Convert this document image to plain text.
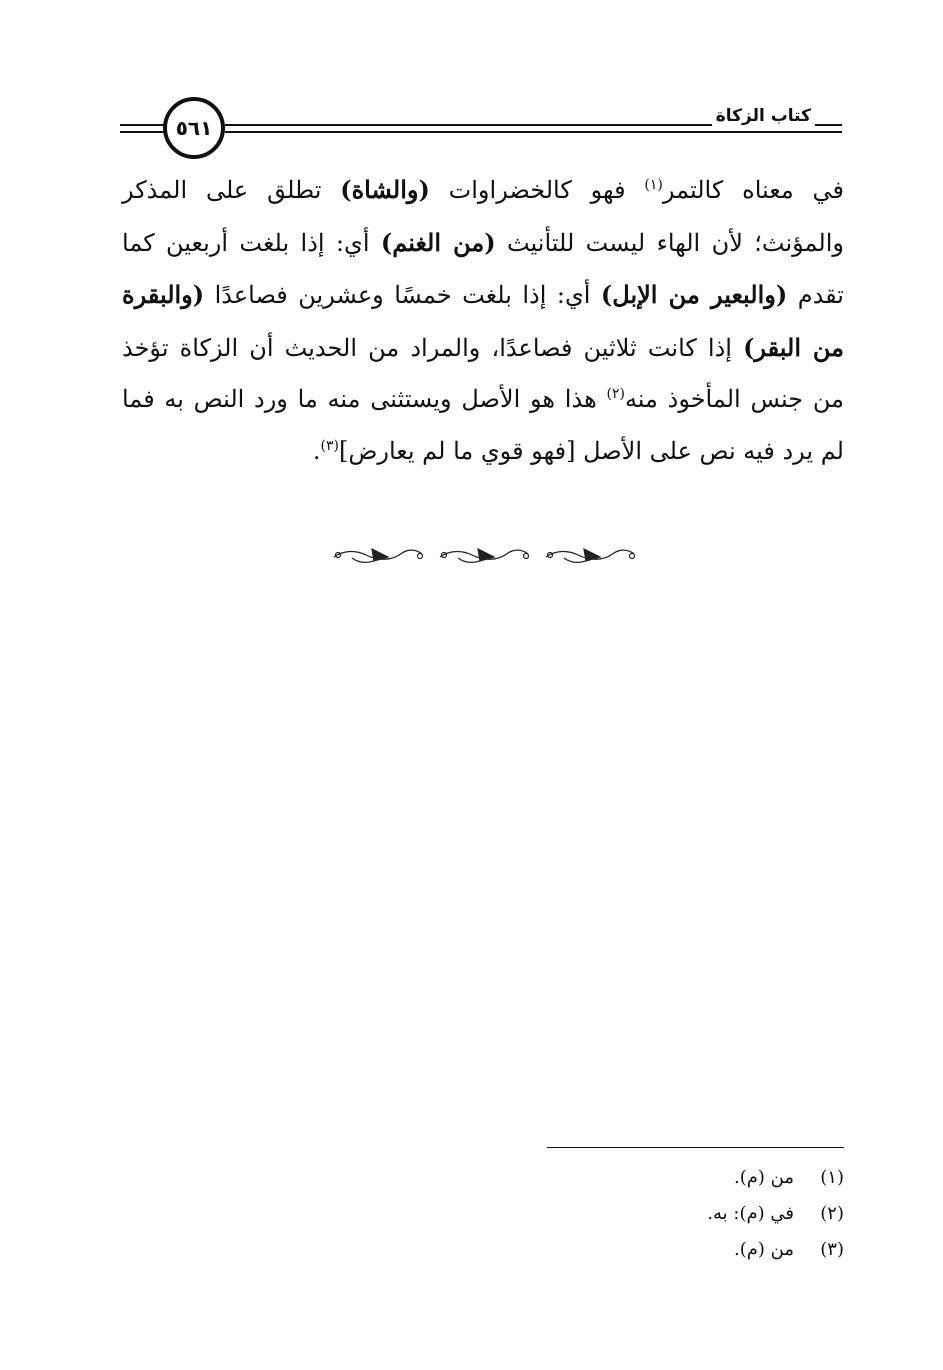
كتاب الزكاة
٥٦١
في معناه كالتمر$^{(١)}$ فهو كالخضراوات (والشاة) تطلق على المذكر والمؤنث؛ لأن الهاء ليست للتأنيث (من الغنم) أي: إذا بلغت أربعين كما تقدم (والبعير من الإبل) أي: إذا بلغت خمسًا وعشرين فصاعدًا (والبقرة من البقر) إذا كانت ثلاثين فصاعدًا، والمراد من الحديث أن الزكاة تؤخذ من جنس المأخوذ منه$^{(٢)}$ هذا هو الأصل ويستثنى منه ما ورد النص به فما لم يرد فيه نص على الأصل [فهو قوي ما لم يعارض]$^{(٣)}$.
(١)
من (م).
(٢)
في (م): به.
(٣)
من (م).
